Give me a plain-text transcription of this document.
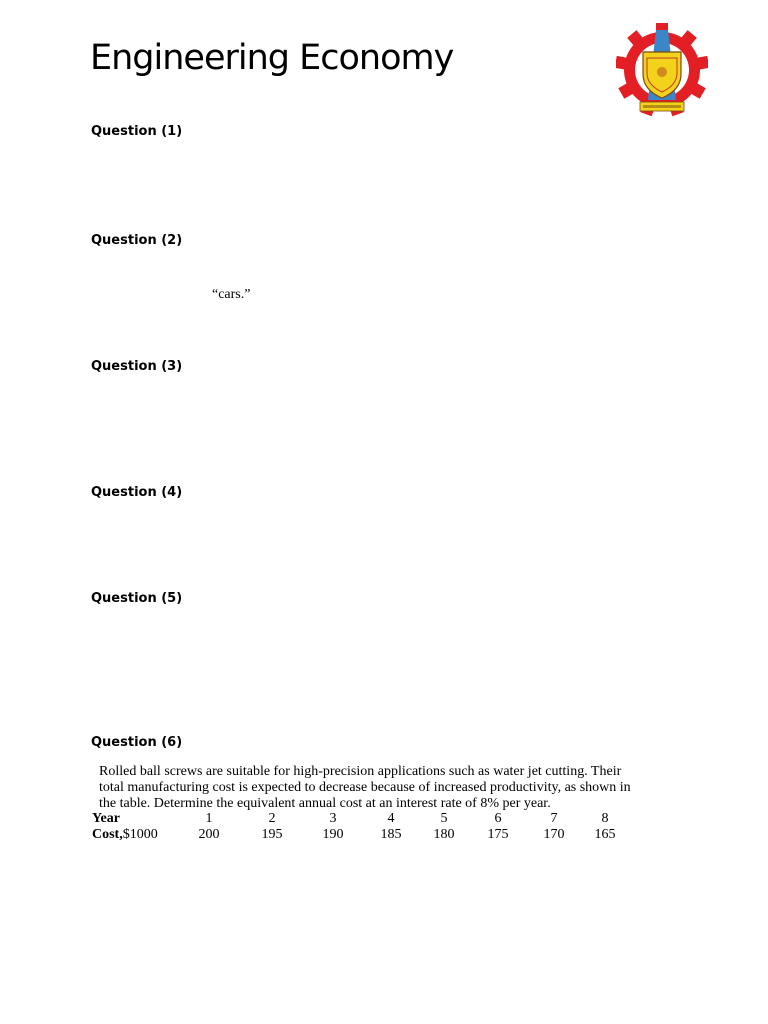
Engineering Economy
Question (1)
Question (2)
“cars.”
Question (3)
Question (4)
Question (5)
Question (6)
Rolled ball screws are suitable for high-precision applications such as water jet cutting. Their
total manufacturing cost is expected to decrease because of increased productivity, as shown in
the table. Determine the equivalent annual cost at an interest rate of 8% per year.
Year	1	2	3	4	5	6	7	8
Cost,$1000	200	195	190	185	180	175	170	165
